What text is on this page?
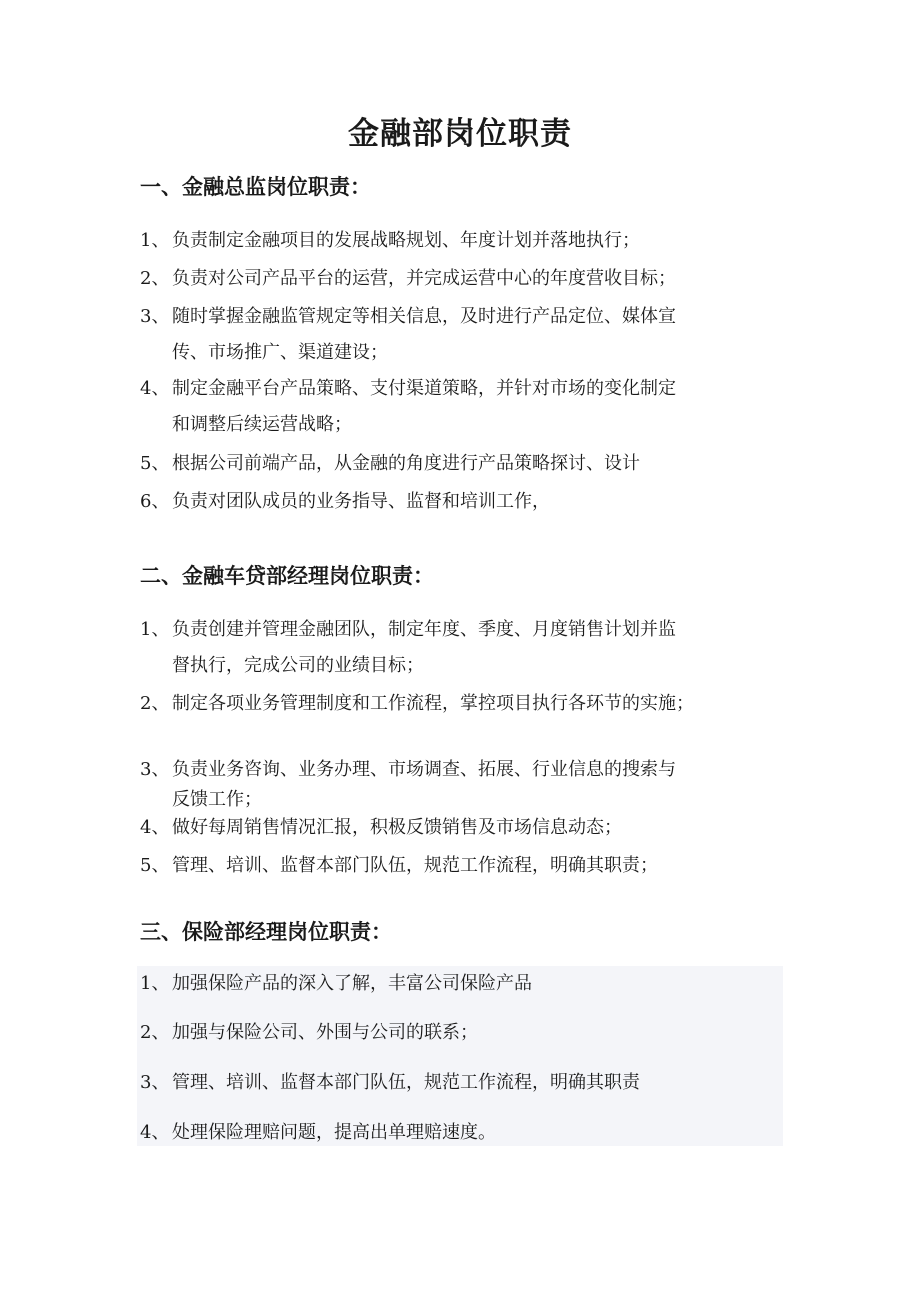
金融部岗位职责
一、金融总监岗位职责：
1、 负责制定金融项目的发展战略规划、年度计划并落地执行；
2、 负责对公司产品平台的运营，并完成运营中心的年度营收目标；
3、 随时掌握金融监管规定等相关信息，及时进行产品定位、媒体宣
传、市场推广、渠道建设；
4、 制定金融平台产品策略、支付渠道策略，并针对市场的变化制定
和调整后续运营战略；
5、 根据公司前端产品，从金融的角度进行产品策略探讨、设计
6、 负责对团队成员的业务指导、监督和培训工作，
二、金融车贷部经理岗位职责：
1、 负责创建并管理金融团队，制定年度、季度、月度销售计划并监
督执行，完成公司的业绩目标；
2、 制定各项业务管理制度和工作流程，掌控项目执行各环节的实施；
3、 负责业务咨询、业务办理、市场调查、拓展、行业信息的搜索与
反馈工作；
4、 做好每周销售情况汇报，积极反馈销售及市场信息动态；
5、 管理、培训、监督本部门队伍，规范工作流程，明确其职责；
三、保险部经理岗位职责：
1、 加强保险产品的深入了解，丰富公司保险产品
2、 加强与保险公司、外围与公司的联系；
3、 管理、培训、监督本部门队伍，规范工作流程，明确其职责
4、 处理保险理赔问题，提高出单理赔速度。
